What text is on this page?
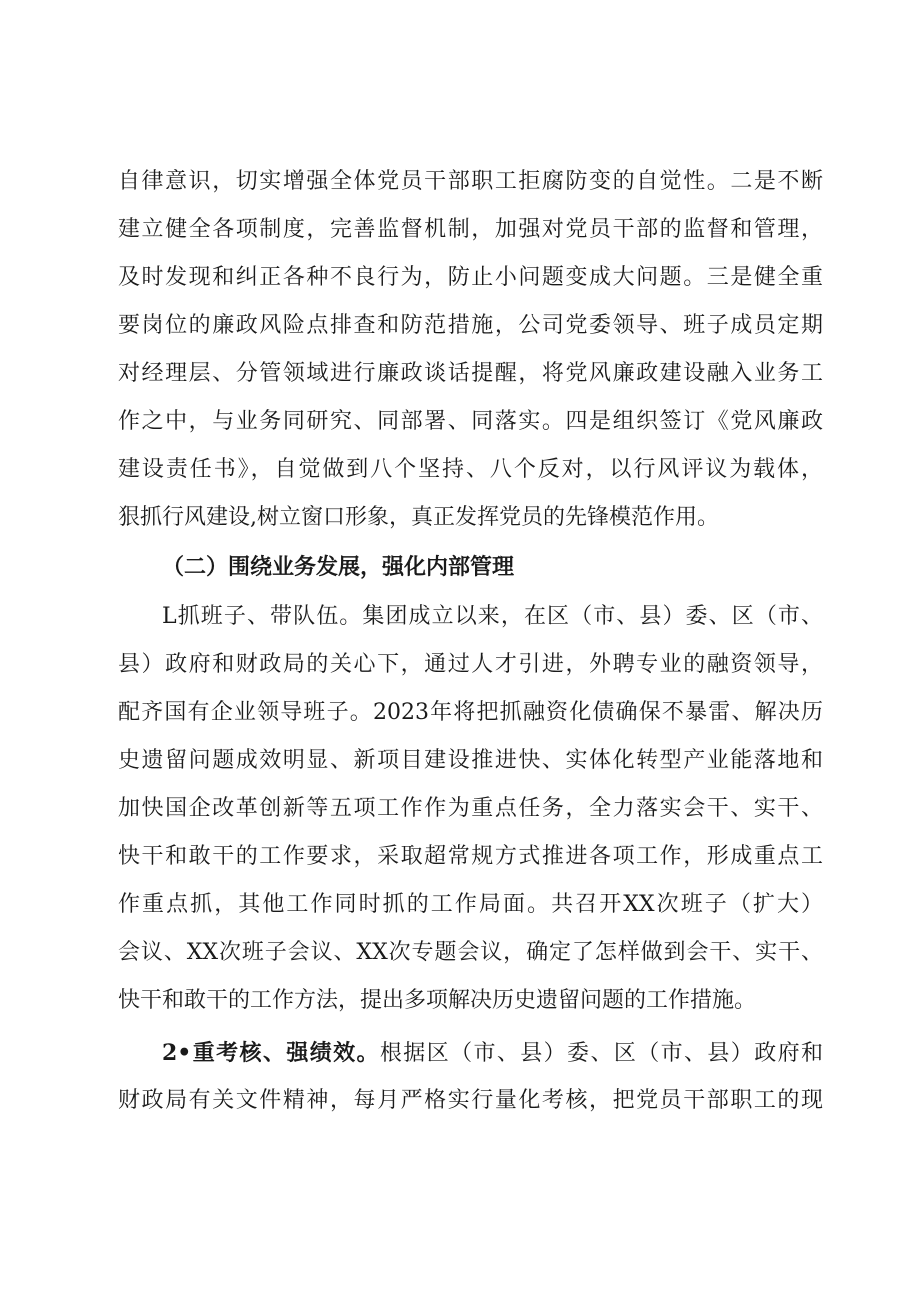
自律意识，切实增强全体党员干部职工拒腐防变的自觉性。二是不断
建立健全各项制度，完善监督机制，加强对党员干部的监督和管理，
及时发现和纠正各种不良行为，防止小问题变成大问题。三是健全重
要岗位的廉政风险点排查和防范措施，公司党委领导、班子成员定期
对经理层、分管领域进行廉政谈话提醒，将党风廉政建设融入业务工
作之中，与业务同研究、同部署、同落实。四是组织签订《党风廉政
建设责任书》，自觉做到八个坚持、八个反对，以行风评议为载体，
狠抓行风建设,树立窗口形象，真正发挥党员的先锋模范作用。
（二）围绕业务发展，强化内部管理
L抓班子、带队伍。集团成立以来，在区（市、县）委、区（市、
县）政府和财政局的关心下，通过人才引进，外聘专业的融资领导，
配齐国有企业领导班子。2023年将把抓融资化债确保不暴雷、解决历
史遗留问题成效明显、新项目建设推进快、实体化转型产业能落地和
加快国企改革创新等五项工作作为重点任务，全力落实会干、实干、
快干和敢干的工作要求，采取超常规方式推进各项工作，形成重点工
作重点抓，其他工作同时抓的工作局面。共召开XX次班子（扩大）
会议、XX次班子会议、XX次专题会议，确定了怎样做到会干、实干、
快干和敢干的工作方法，提出多项解决历史遗留问题的工作措施。
2•重考核、强绩效。根据区（市、县）委、区（市、县）政府和
财政局有关文件精神，每月严格实行量化考核，把党员干部职工的现
